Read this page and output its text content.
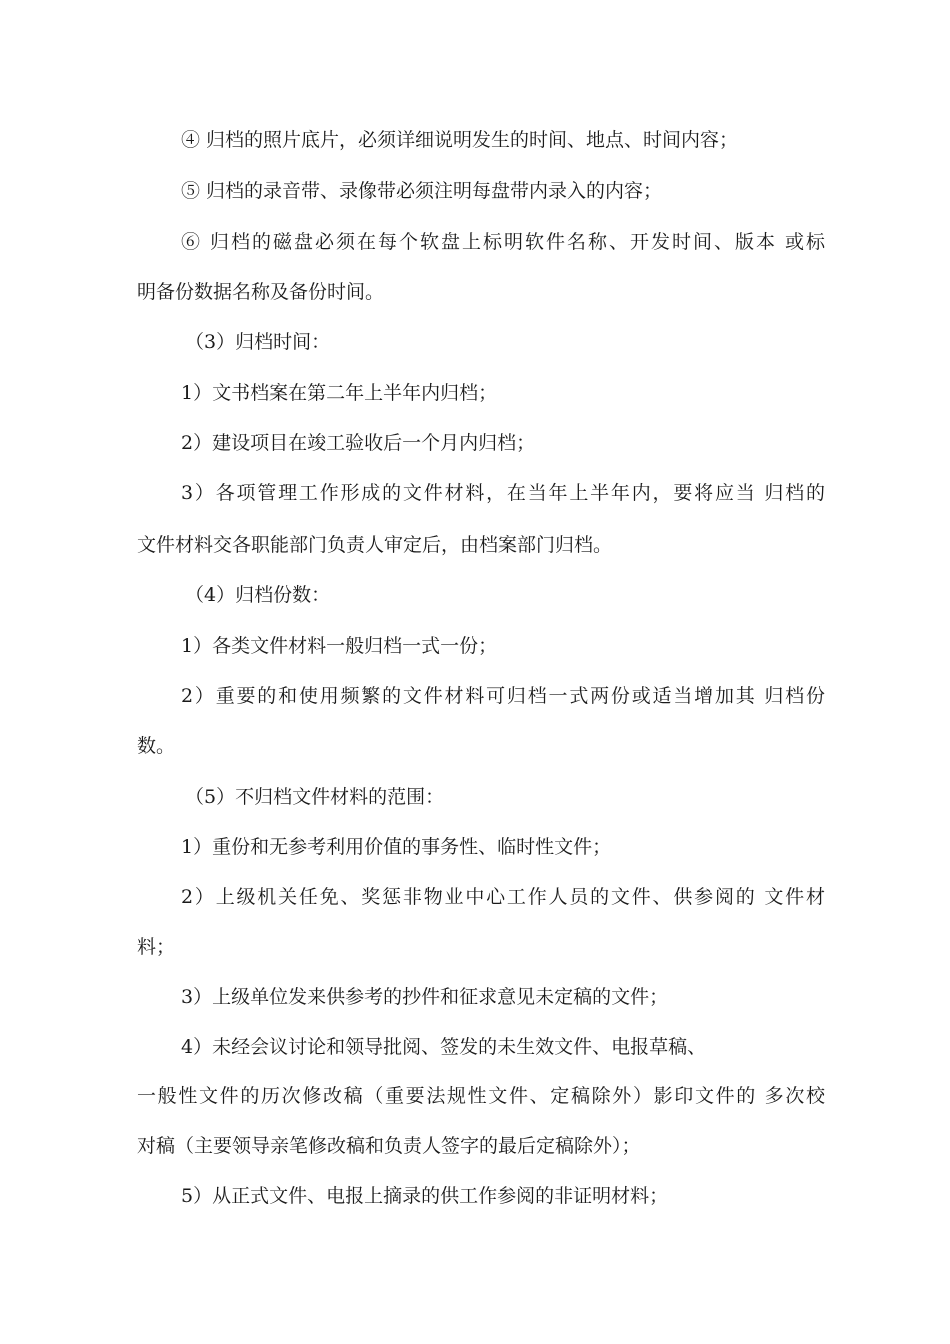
④ 归档的照片底片，必须详细说明发生的时间、地点、时间内容；
⑤ 归档的录音带、录像带必须注明每盘带内录入的内容；
⑥ 归档的磁盘必须在每个软盘上标明软件名称、开发时间、版本 或标
明备份数据名称及备份时间。
（3）归档时间：
1）文书档案在第二年上半年内归档；
2）建设项目在竣工验收后一个月内归档；
3）各项管理工作形成的文件材料，在当年上半年内，要将应当 归档的
文件材料交各职能部门负责人审定后，由档案部门归档。
（4）归档份数：
1）各类文件材料一般归档一式一份；
2）重要的和使用频繁的文件材料可归档一式两份或适当增加其 归档份
数。
（5）不归档文件材料的范围：
1）重份和无参考利用价值的事务性、临时性文件；
2）上级机关任免、奖惩非物业中心工作人员的文件、供参阅的 文件材
料；
3）上级单位发来供参考的抄件和征求意见未定稿的文件；
4）未经会议讨论和领导批阅、签发的未生效文件、电报草稿、
一般性文件的历次修改稿（重要法规性文件、定稿除外）影印文件的 多次校
对稿（主要领导亲笔修改稿和负责人签字的最后定稿除外）；
5）从正式文件、电报上摘录的供工作参阅的非证明材料；
